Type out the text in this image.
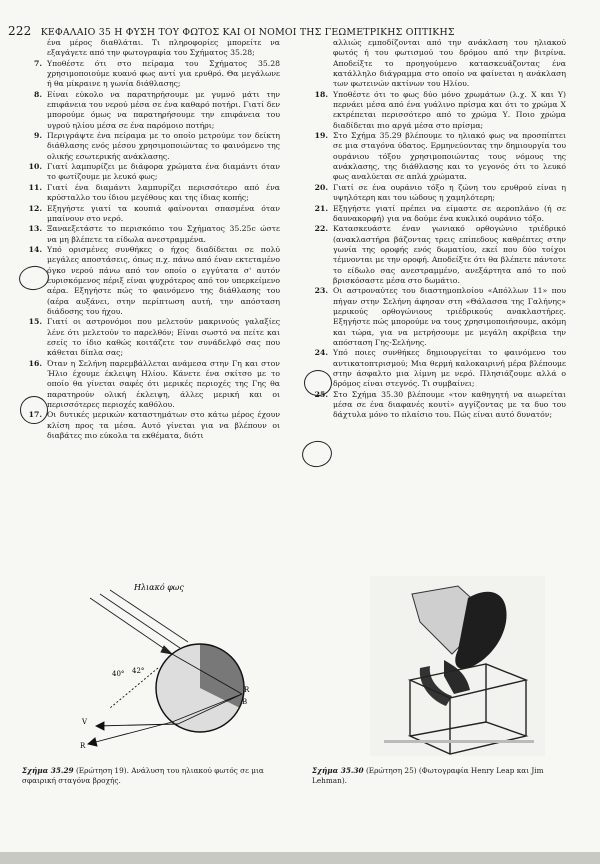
222 ΚΕΦΑΛΑΙΟ 35 Η ΦΥΣΗ ΤΟΥ ΦΩΤΟΣ ΚΑΙ ΟΙ ΝΟΜΟΙ ΤΗΣ ΓΕΩΜΕΤΡΙΚΗΣ ΟΠΤΙΚΗΣ
ένα μέρος διαθλάται. Τι πληροφορίες μπορείτε να εξαγάγετε από την φωτογραφία του Σχήματος 35.28;
7. Υποθέστε ότι στο πείραμα του Σχήματος 35.28 χρησιμοποιούμε κυανό φως αντί για ερυθρό. Θα μεγάλωνε ή θα μίκραινε η γωνία διάθλασης;
8. Είναι εύκολο να παρατηρήσουμε με γυμνό μάτι την επιφάνεια του νερού μέσα σε ένα καθαρό ποτήρι. Γιατί δεν μπορούμε όμως να παρατηρήσουμε την επιφάνεια του υγρού ηλίου μέσα σε ένα παρόμοιο ποτήρι;
9. Περιγράψτε ένα πείραμα με το οποίο μετρούμε τον δείκτη διάθλασης ενός μέσου χρησιμοποιώντας το φαινόμενο της ολικής εσωτερικής ανάκλασης.
10. Γιατί λαμπυρίζει με διάφορα χρώματα ένα διαμάντι όταν το φωτίζουμε με λευκό φως;
11. Γιατί ένα διαμάντι λαμπυρίζει περισσότερο από ένα κρύσταλλο του ίδιου μεγέθους και της ίδιας κοπής;
12. Εξηγήστε γιατί τα κουπιά φαίνονται σπασμένα όταν μπαίνουν στο νερό.
13. Ξαναεξετάστε το περισκόπιο του Σχήματος 35.25c ώστε να μη βλέπετε τα είδωλα ανεστραμμένα.
14. Υπό ορισμένες συνθήκες ο ήχος διαδίδεται σε πολύ μεγάλες αποστάσεις, όπως π.χ. πάνω από έναν εκτεταμένο όγκο νερού πάνω από τον οποίο ο εγγύτατα σ' αυτόν ευρισκόμενος πέριξ είναι ψυχρότερος από τον υπερκείμενο αέρα. Εξηγήστε πώς το φαινόμενο της διάθλασης του (αέρα αυξάνει, στην περίπτωση αυτή, την απόσταση διάδοσης του ήχου.
15. Γιατί οι αστρονόμοι που μελετούν μακρινούς γαλαξίες λένε ότι μελετούν το παρελθόν; Είναι σωστό να πείτε και εσείς το ίδιο καθώς κοιτάζετε τον συνάδελφό σας που κάθεται δίπλα σας;
16. Όταν η Σελήνη παρεμβάλλεται ανάμεσα στην Γη και στον Ήλιο έχουμε έκλειψη Ηλίου. Κάνετε ένα σκίτσο με το οποίο θα γίνεται σαφές ότι μερικές περιοχές της Γης θα παρατηρούν ολική έκλειψη, άλλες μερική και οι περισσότερες περιοχές καθόλου.
17. Οι δυτικές μερικών καταστημάτων στο κάτω μέρος έχουν κλίση προς τα μέσα. Αυτό γίνεται για να βλέπουν οι διαβάτες πιο εύκολα τα εκθέματα, διότι
αλλιώς εμποδίζονται από την ανάκλαση του ηλιακού φωτός ή του φωτισμού του δρόμου από την βιτρίνα. Αποδείξτε το προηγούμενο κατασκευάζοντας ένα κατάλληλο διάγραμμα στο οποίο να φαίνεται η ανάκλαση των φωτεινών ακτίνων του Ηλίου.
18. Υποθέστε ότι το φως δύο μόνο χρωμάτων (λ.χ. Χ και Υ) περνάει μέσα από ένα γυάλινο πρίσμα και ότι το χρώμα Χ εκτρέπεται περισσότερο από το χρώμα Υ. Ποιο χρώμα διαδίδεται πιο αργά μέσα στο πρίσμα;
19. Στο Σχήμα 35.29 βλέπουμε το ηλιακό φως να προσπίπτει σε μια σταγόνα ύδατος. Ερμηνεύοντας την δημιουργία του ουράνιου τόξου χρησιμοποιώντας τους νόμους της ανάκλασης, της διάθλασης και το γεγονός ότι το λευκό φως αναλύεται σε απλά χρώματα.
20. Γιατί σε ένα ουράνιο τόξο η ζώνη του ερυθρού είναι η υψηλότερη και του ιώδους η χαμηλότερη;
21. Εξηγήστε γιατί πρέπει να είμαστε σε αεροπλάνο (ή σε δαυνακορφή) για να δούμε ένα κυκλικό ουράνιο τόξο.
22. Κατασκευάστε έναν γωνιακό ορθογώνιο τριέδρικό (ανακλαστήρα βάζοντας τρεις επίπεδους καθρέπτες στην γωνία της οροφής ενός δωματίου, εκεί που δύο τοίχοι τέμνονται με την οροφή. Αποδείξτε ότι θα βλέπετε πάντοτε το είδωλο σας ανεστραμμένο, ανεξάρτητα από το πού βρισκόσαστε μέσα στο δωμάτιο.
23. Οι αστροναύτες του διαστημοπλοίου «Απόλλων 11» που πήγαν στην Σελήνη άφησαν στη «Θάλασσα της Γαλήνης» μερικούς ορθογώνιους τριέδρικούς ανακλαστήρες. Εξηγήστε πώς μπορούμε να τους χρησιμοποιήσουμε, ακόμη και τώρα, για να μετρήσουμε με μεγάλη ακρίβεια την απόσταση Γης-Σελήνης.
24. Υπό ποιες συνθήκες δημιουργείται το φαινόμενο του αντικατοπτρισμού; Μια θερμή καλοκαιρινή μέρα βλέπουμε στην άσφαλτο μια λίμνη με νερό. Πλησιάζουμε αλλά ο δρόμος είναι στεγνός. Τι συμβαίνει;
25. Στο Σχήμα 35.30 βλέπουμε «τον καθηγητή να αιωρείται μέσα σε ένα διαφανές κουτί» αγγίζοντας με τα δυο του δάχτυλα μόνο το πλαίσιο του. Πώς είναι αυτό δυνατόν;
Ηλιακό φως
40° 42°
R
B
V
R
Σχήμα 35.29 (Ερώτηση 19). Ανάλυση του ηλιακού φωτός σε μια σφαιρική σταγόνα βροχής.
Σχήμα 35.30 (Ερώτηση 25) (Φωτογραφία Henry Leap και Jim Lehman).
